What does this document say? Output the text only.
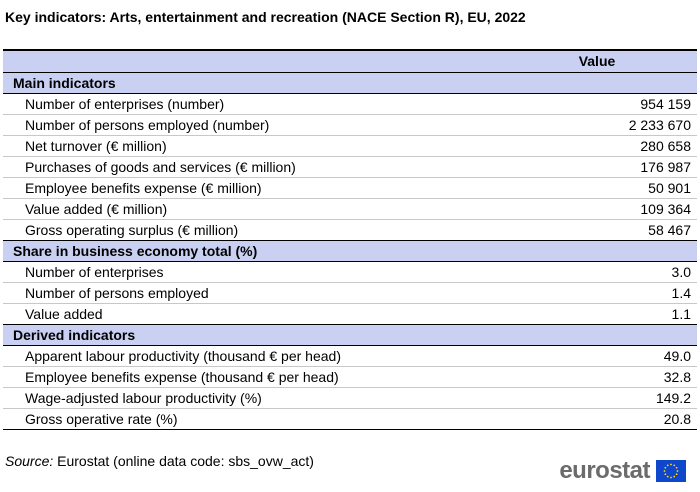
Key indicators: Arts, entertainment and recreation (NACE Section R), EU, 2022
Value
Main indicators
Number of enterprises (number)	954 159
Number of persons employed (number)	2 233 670
Net turnover (€ million)	280 658
Purchases of goods and services (€ million)	176 987
Employee benefits expense (€ million)	50 901
Value added (€ million)	109 364
Gross operating surplus (€ million)	58 467
Share in business economy total (%)
Number of enterprises	3.0
Number of persons employed	1.4
Value added	1.1
Derived indicators
Apparent labour productivity (thousand € per head)	49.0
Employee benefits expense (thousand € per head)	32.8
Wage-adjusted labour productivity (%)	149.2
Gross operative rate (%)	20.8
Source: Eurostat (online data code: sbs_ovw_act)	eurostat
